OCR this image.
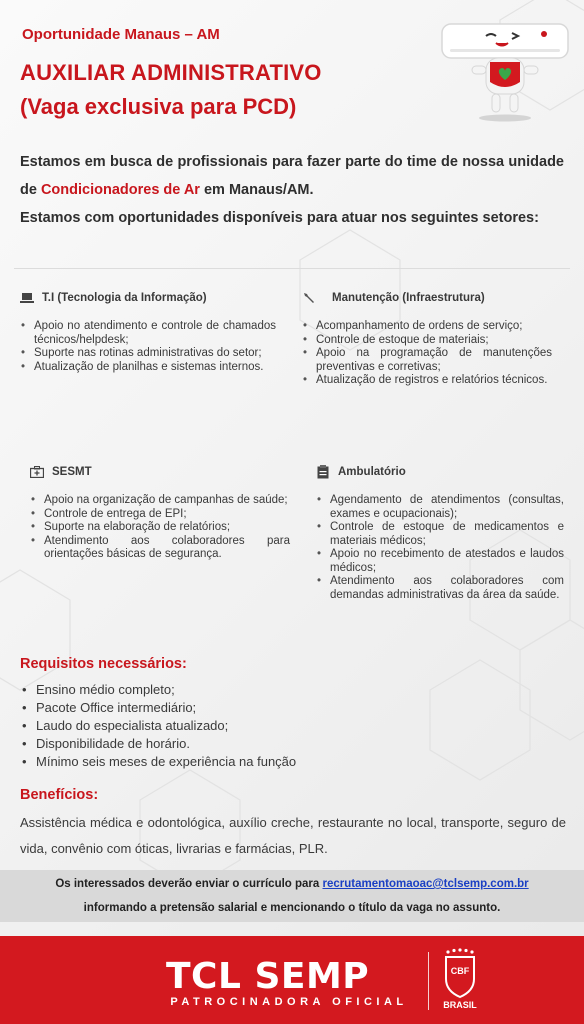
Oportunidade Manaus – AM
AUXILIAR ADMINISTRATIVO
(Vaga exclusiva para PCD)
Estamos em busca de profissionais para fazer parte do time de nossa unidade de Condicionadores de Ar em Manaus/AM.
Estamos com oportunidades disponíveis para atuar nos seguintes setores:
T.I (Tecnologia da Informação)
• Apoio no atendimento e controle de chamados técnicos/helpdesk;
• Suporte nas rotinas administrativas do setor;
• Atualização de planilhas e sistemas internos.
Manutenção (Infraestrutura)
• Acompanhamento de ordens de serviço;
• Controle de estoque de materiais;
• Apoio na programação de manutenções preventivas e corretivas;
• Atualização de registros e relatórios técnicos.
SESMT
• Apoio na organização de campanhas de saúde;
• Controle de entrega de EPI;
• Suporte na elaboração de relatórios;
• Atendimento aos colaboradores para orientações básicas de segurança.
Ambulatório
• Agendamento de atendimentos (consultas, exames e ocupacionais);
• Controle de estoque de medicamentos e materiais médicos;
• Apoio no recebimento de atestados e laudos médicos;
• Atendimento aos colaboradores com demandas administrativas da área da saúde.
Requisitos necessários:
• Ensino médio completo;
• Pacote Office intermediário;
• Laudo do especialista atualizado;
• Disponibilidade de horário.
• Mínimo seis meses de experiência na função
Benefícios:
Assistência médica e odontológica, auxílio creche, restaurante no local, transporte, seguro de vida, convênio com óticas, livrarias e farmácias, PLR.
Os interessados deverão enviar o currículo para recrutamentomaoac@tclsemp.com.br
informando a pretensão salarial e mencionando o título da vaga no assunto.
TCL SEMP
PATROCINADORA OFICIAL
CBF
BRASIL
